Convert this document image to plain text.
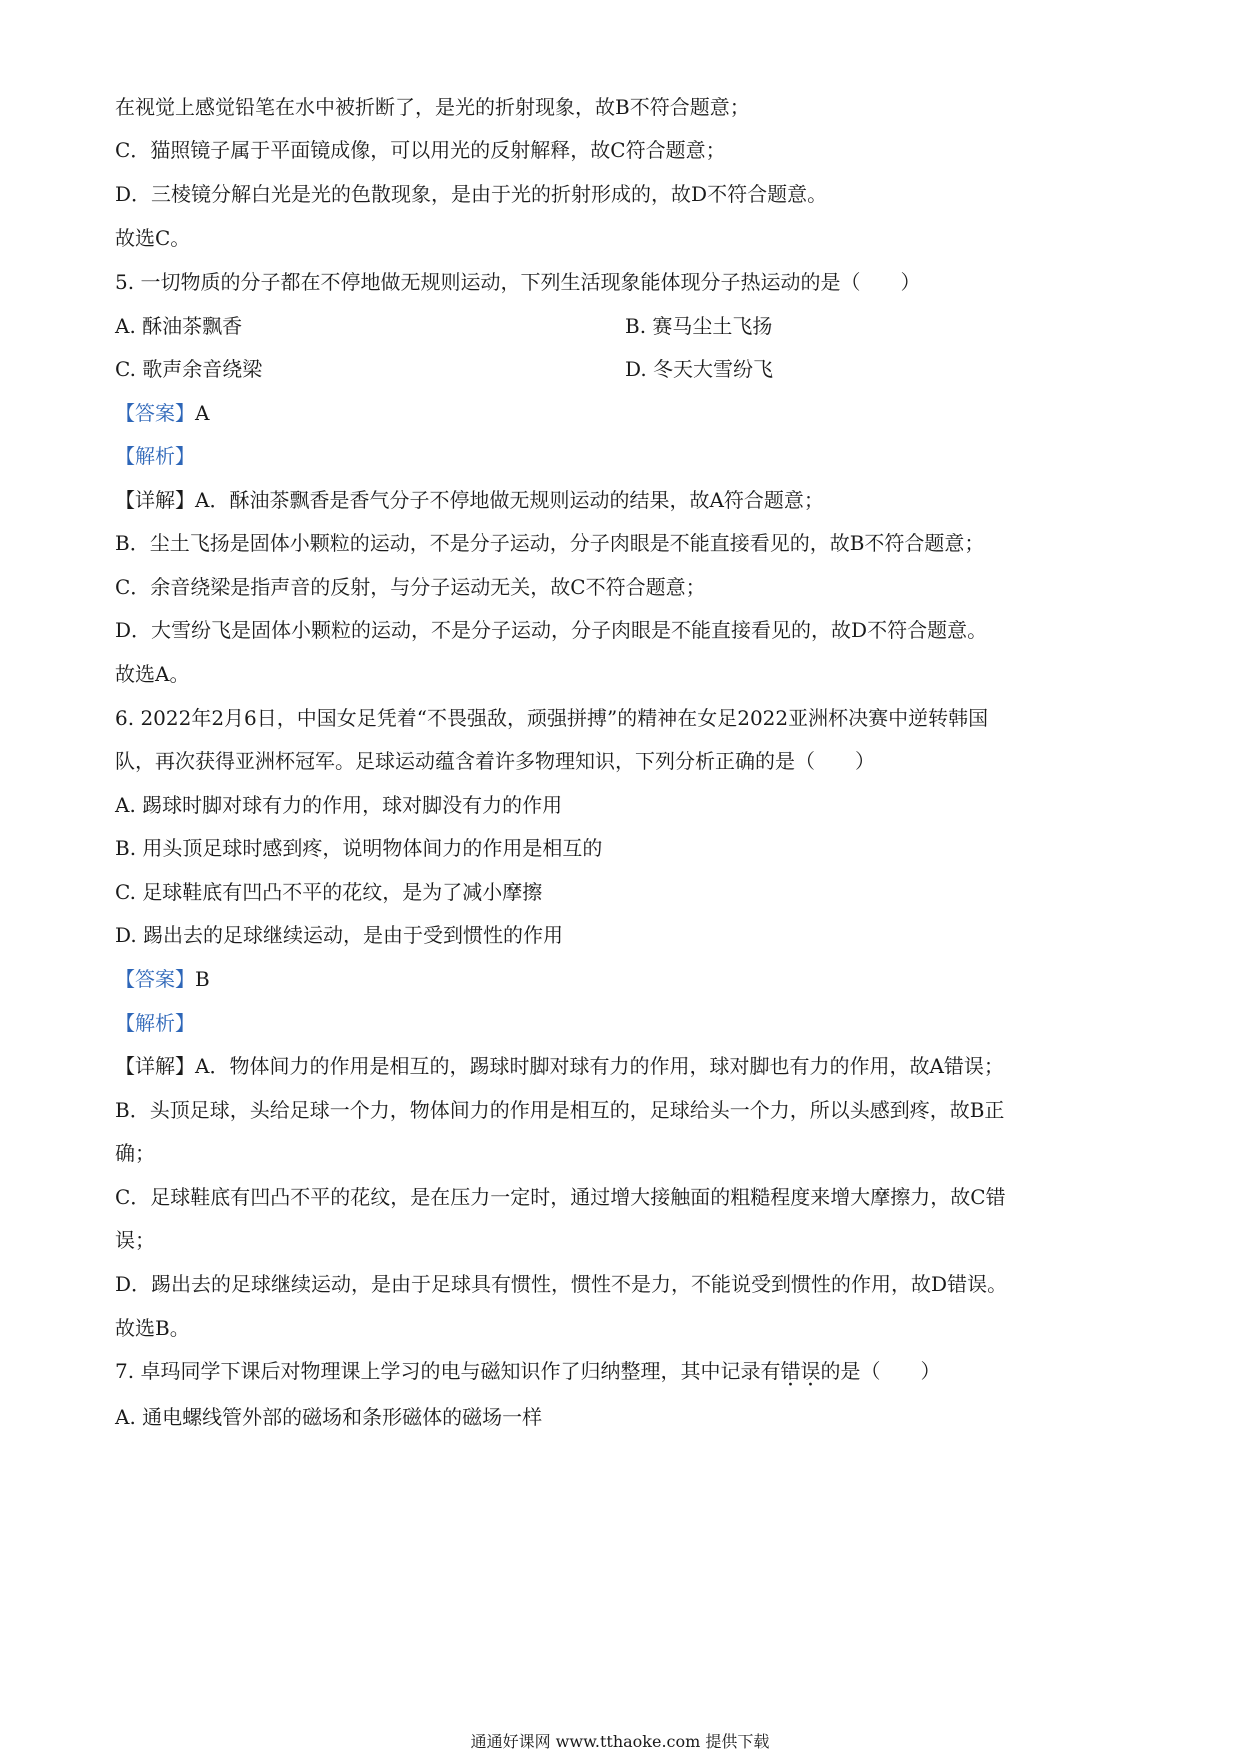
在视觉上感觉铅笔在水中被折断了，是光的折射现象，故B不符合题意；
C．猫照镜子属于平面镜成像，可以用光的反射解释，故C符合题意；
D．三棱镜分解白光是光的色散现象，是由于光的折射形成的，故D不符合题意。
故选C。
5. 一切物质的分子都在不停地做无规则运动，下列生活现象能体现分子热运动的是（　　）
A. 酥油茶飘香	B. 赛马尘土飞扬
C. 歌声余音绕梁	D. 冬天大雪纷飞
【答案】A
【解析】
【详解】A．酥油茶飘香是香气分子不停地做无规则运动的结果，故A符合题意；
B．尘土飞扬是固体小颗粒的运动，不是分子运动，分子肉眼是不能直接看见的，故B不符合题意；
C．余音绕梁是指声音的反射，与分子运动无关，故C不符合题意；
D．大雪纷飞是固体小颗粒的运动，不是分子运动，分子肉眼是不能直接看见的，故D不符合题意。
故选A。
6. 2022年2月6日，中国女足凭着“不畏强敌，顽强拼搏”的精神在女足2022亚洲杯决赛中逆转韩国
队，再次获得亚洲杯冠军。足球运动蕴含着许多物理知识，下列分析正确的是（　　）
A. 踢球时脚对球有力的作用，球对脚没有力的作用
B. 用头顶足球时感到疼，说明物体间力的作用是相互的
C. 足球鞋底有凹凸不平的花纹，是为了减小摩擦
D. 踢出去的足球继续运动，是由于受到惯性的作用
【答案】B
【解析】
【详解】A．物体间力的作用是相互的，踢球时脚对球有力的作用，球对脚也有力的作用，故A错误；
B．头顶足球，头给足球一个力，物体间力的作用是相互的，足球给头一个力，所以头感到疼，故B正
确；
C．足球鞋底有凹凸不平的花纹，是在压力一定时，通过增大接触面的粗糙程度来增大摩擦力，故C错
误；
D．踢出去的足球继续运动，是由于足球具有惯性，惯性不是力，不能说受到惯性的作用，故D错误。
故选B。
7. 卓玛同学下课后对物理课上学习的电与磁知识作了归纳整理，其中记录有错误的是（　　）
A. 通电螺线管外部的磁场和条形磁体的磁场一样
通通好课网 www.tthaoke.com 提供下载
